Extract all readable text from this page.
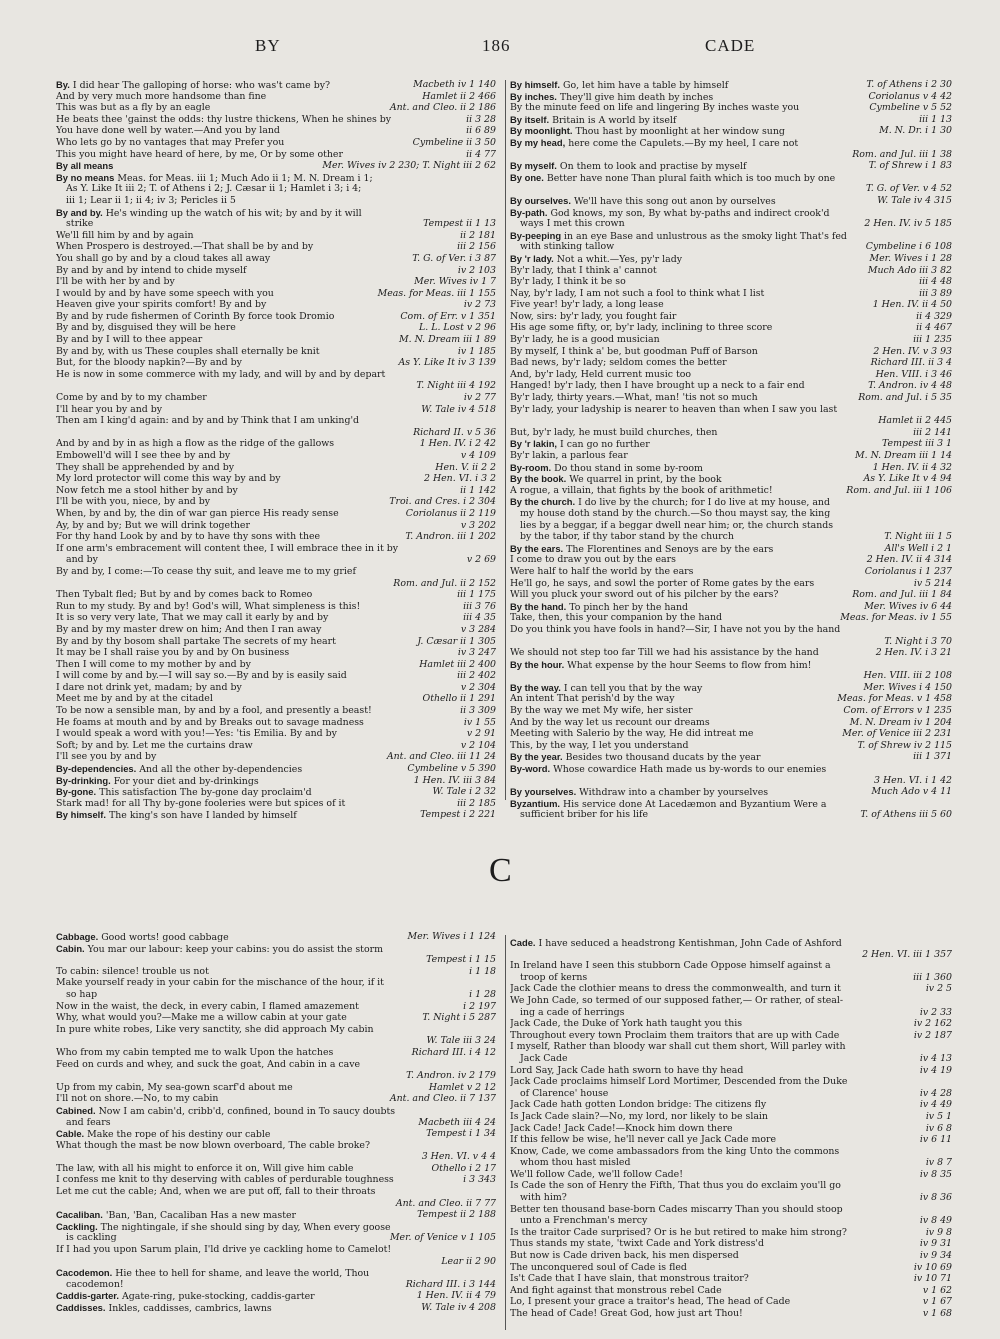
BY	186	CADE
By. I did hear The galloping of horse: who was't came by?	Macbeth iv 1 140
And by very much more handsome than fine	Hamlet ii 2 466
This was but as a fly by an eagle	Ant. and Cleo. ii 2 186
He beats thee 'gainst the odds: thy lustre thickens, When he shines by	ii 3 28
You have done well by water.—And you by land	ii 6 89
Who lets go by no vantages that may Prefer you	Cymbeline ii 3 50
This you might have heard of here, by me, Or by some other	ii 4 77
By all means	Mer. Wives iv 2 230; T. Night iii 2 62
By no means Meas. for Meas. iii 1; Much Ado ii 1; M. N. Dream i 1;
As Y. Like It iii 2; T. of Athens i 2; J. Cæsar ii 1; Hamlet i 3; i 4;
iii 1; Lear ii 1; ii 4; iv 3; Pericles ii 5
By and by. He's winding up the watch of his wit; by and by it will
strike	Tempest ii 1 13
We'll fill him by and by again	ii 2 181
When Prospero is destroyed.—That shall be by and by	iii 2 156
You shall go by and by a cloud takes all away	T. G. of Ver. i 3 87
By and by and by intend to chide myself	iv 2 103
I'll be with her by and by	Mer. Wives iv 1 7
I would by and by have some speech with you	Meas. for Meas. iii 1 155
Heaven give your spirits comfort! By and by	iv 2 73
By and by rude fishermen of Corinth By force took Dromio	Com. of Err. v 1 351
By and by, disguised they will be here	L. L. Lost v 2 96
By and by I will to thee appear	M. N. Dream iii 1 89
By and by, with us These couples shall eternally be knit	iv 1 185
But, for the bloody napkin?—By and by	As Y. Like It iv 3 139
He is now in some commerce with my lady, and will by and by depart
T. Night iii 4 192
Come by and by to my chamber	iv 2 77
I'll hear you by and by	W. Tale iv 4 518
Then am I king'd again: and by and by Think that I am unking'd
Richard II. v 5 36
And by and by in as high a flow as the ridge of the gallows	1 Hen. IV. i 2 42
Embowell'd will I see thee by and by	v 4 109
They shall be apprehended by and by	Hen. V. ii 2 2
My lord protector will come this way by and by	2 Hen. VI. i 3 2
Now fetch me a stool hither by and by	ii 1 142
I'll be with you, niece, by and by	Troi. and Cres. i 2 304
When, by and by, the din of war gan pierce His ready sense	Coriolanus ii 2 119
Ay, by and by; But we will drink together	v 3 202
For thy hand Look by and by to have thy sons with thee	T. Andron. iii 1 202
If one arm's embracement will content thee, I will embrace thee in it by
and by	v 2 69
By and by, I come:—To cease thy suit, and leave me to my grief
Rom. and Jul. ii 2 152
Then Tybalt fled; But by and by comes back to Romeo	iii 1 175
Run to my study. By and by! God's will, What simpleness is this!	iii 3 76
It is so very very late, That we may call it early by and by	iii 4 35
By and by my master drew on him; And then I ran away	v 3 284
By and by thy bosom shall partake The secrets of my heart	J. Cæsar ii 1 305
It may be I shall raise you by and by On business	iv 3 247
Then I will come to my mother by and by	Hamlet iii 2 400
I will come by and by.—I will say so.—By and by is easily said	iii 2 402
I dare not drink yet, madam; by and by	v 2 304
Meet me by and by at the citadel	Othello ii 1 291
To be now a sensible man, by and by a fool, and presently a beast!	ii 3 309
He foams at mouth and by and by Breaks out to savage madness	iv 1 55
I would speak a word with you!—Yes: 'tis Emilia. By and by	v 2 91
Soft; by and by. Let me the curtains draw	v 2 104
I'll see you by and by	Ant. and Cleo. iii 11 24
By-dependencies. And all the other by-dependencies	Cymbeline v 5 390
By-drinking. For your diet and by-drinkings	1 Hen. IV. iii 3 84
By-gone. This satisfaction The by-gone day proclaim'd	W. Tale i 2 32
Stark mad! for all Thy by-gone fooleries were but spices of it	iii 2 185
By himself. The king's son have I landed by himself	Tempest i 2 221
By himself. Go, let him have a table by himself	T. of Athens i 2 30
By inches. They'll give him death by inches	Coriolanus v 4 42
By the minute feed on life and lingering By inches waste you	Cymbeline v 5 52
By itself. Britain is A world by itself	iii 1 13
By moonlight. Thou hast by moonlight at her window sung	M. N. Dr. i 1 30
By my head, here come the Capulets.—By my heel, I care not
Rom. and Jul. iii 1 38
By myself. On them to look and practise by myself	T. of Shrew i 1 83
By one. Better have none Than plural faith which is too much by one
T. G. of Ver. v 4 52
By ourselves. We'll have this song out anon by ourselves	W. Tale iv 4 315
By-path. God knows, my son, By what by-paths and indirect crook'd
ways I met this crown	2 Hen. IV. iv 5 185
By-peeping in an eye Base and unlustrous as the smoky light That's fed
with stinking tallow	Cymbeline i 6 108
By 'r lady. Not a whit.—Yes, py'r lady	Mer. Wives i 1 28
By'r lady, that I think a' cannot	Much Ado iii 3 82
By'r lady, I think it be so	iii 4 48
Nay, by'r lady, I am not such a fool to think what I list	iii 3 89
Five year! by'r lady, a long lease	1 Hen. IV. ii 4 50
Now, sirs: by'r lady, you fought fair	ii 4 329
His age some fifty, or, by'r lady, inclining to three score	ii 4 467
By'r lady, he is a good musician	iii 1 235
By myself, I think a' be, but goodman Puff of Barson	2 Hen. IV. v 3 93
Bad news, by'r lady; seldom comes the better	Richard III. ii 3 4
And, by'r lady, Held current music too	Hen. VIII. i 3 46
Hanged! by'r lady, then I have brought up a neck to a fair end	T. Andron. iv 4 48
By'r lady, thirty years.—What, man! 'tis not so much	Rom. and Jul. i 5 35
By'r lady, your ladyship is nearer to heaven than when I saw you last
Hamlet ii 2 445
But, by'r lady, he must build churches, then	iii 2 141
By 'r lakin, I can go no further	Tempest iii 3 1
By'r lakin, a parlous fear	M. N. Dream iii 1 14
By-room. Do thou stand in some by-room	1 Hen. IV. ii 4 32
By the book. We quarrel in print, by the book	As Y. Like It v 4 94
A rogue, a villain, that fights by the book of arithmetic!	Rom. and Jul. iii 1 106
By the church. I do live by the church; for I do live at my house, and
my house doth stand by the church.—So thou mayst say, the king
lies by a beggar, if a beggar dwell near him; or, the church stands
by the tabor, if thy tabor stand by the church	T. Night iii 1 5
By the ears. The Florentines and Senoys are by the ears	All's Well i 2 1
I come to draw you out by the ears	2 Hen. IV. ii 4 314
Were half to half the world by the ears	Coriolanus i 1 237
He'll go, he says, and sowl the porter of Rome gates by the ears	iv 5 214
Will you pluck your sword out of his pilcher by the ears?	Rom. and Jul. iii 1 84
By the hand. To pinch her by the hand	Mer. Wives iv 6 44
Take, then, this your companion by the hand	Meas. for Meas. iv 1 55
Do you think you have fools in hand?—Sir, I have not you by the hand
T. Night i 3 70
We should not step too far Till we had his assistance by the hand	2 Hen. IV. i 3 21
By the hour. What expense by the hour Seems to flow from him!
Hen. VIII. iii 2 108
By the way. I can tell you that by the way	Mer. Wives i 4 150
An intent That perish'd by the way	Meas. for Meas. v 1 458
By the way we met My wife, her sister	Com. of Errors v 1 235
And by the way let us recount our dreams	M. N. Dream iv 1 204
Meeting with Salerio by the way, He did intreat me	Mer. of Venice iii 2 231
This, by the way, I let you understand	T. of Shrew iv 2 115
By the year. Besides two thousand ducats by the year	iii 1 371
By-word. Whose cowardice Hath made us by-words to our enemies
3 Hen. VI. i 1 42
By yourselves. Withdraw into a chamber by yourselves	Much Ado v 4 11
Byzantium. His service done At Lacedæmon and Byzantium Were a
sufficient briber for his life	T. of Athens iii 5 60
C
Cabbage. Good worts! good cabbage	Mer. Wives i 1 124
Cabin. You mar our labour: keep your cabins: you do assist the storm
Tempest i 1 15
To cabin: silence! trouble us not	i 1 18
Make yourself ready in your cabin for the mischance of the hour, if it
so hap	i 1 28
Now in the waist, the deck, in every cabin, I flamed amazement	i 2 197
Why, what would you?—Make me a willow cabin at your gate	T. Night i 5 287
In pure white robes, Like very sanctity, she did approach My cabin
W. Tale iii 3 24
Who from my cabin tempted me to walk Upon the hatches	Richard III. i 4 12
Feed on curds and whey, and suck the goat, And cabin in a cave
T. Andron. iv 2 179
Up from my cabin, My sea-gown scarf'd about me	Hamlet v 2 12
I'll not on shore.—No, to my cabin	Ant. and Cleo. ii 7 137
Cabined. Now I am cabin'd, cribb'd, confined, bound in To saucy doubts
and fears	Macbeth iii 4 24
Cable. Make the rope of his destiny our cable	Tempest i 1 34
What though the mast be now blown overboard, The cable broke?
3 Hen. VI. v 4 4
The law, with all his might to enforce it on, Will give him cable	Othello i 2 17
I confess me knit to thy deserving with cables of perdurable toughness	i 3 343
Let me cut the cable; And, when we are put off, fall to their throats
Ant. and Cleo. ii 7 77
Cacaliban. 'Ban, 'Ban, Cacaliban Has a new master	Tempest ii 2 188
Cackling. The nightingale, if she should sing by day, When every goose
is cackling	Mer. of Venice v 1 105
If I had you upon Sarum plain, I'ld drive ye cackling home to Camelot!
Lear ii 2 90
Cacodemon. Hie thee to hell for shame, and leave the world, Thou
cacodemon!	Richard III. i 3 144
Caddis-garter. Agate-ring, puke-stocking, caddis-garter	1 Hen. IV. ii 4 79
Caddisses. Inkles, caddisses, cambrics, lawns	W. Tale iv 4 208
Cade. I have seduced a headstrong Kentishman, John Cade of Ashford
2 Hen. VI. iii 1 357
In Ireland have I seen this stubborn Cade Oppose himself against a
troop of kerns	iii 1 360
Jack Cade the clothier means to dress the commonwealth, and turn it	iv 2 5
We John Cade, so termed of our supposed father,— Or rather, of steal-
ing a cade of herrings	iv 2 33
Jack Cade, the Duke of York hath taught you this	iv 2 162
Throughout every town Proclaim them traitors that are up with Cade	iv 2 187
I myself, Rather than bloody war shall cut them short, Will parley with
Jack Cade	iv 4 13
Lord Say, Jack Cade hath sworn to have thy head	iv 4 19
Jack Cade proclaims himself Lord Mortimer, Descended from the Duke
of Clarence' house	iv 4 28
Jack Cade hath gotten London bridge: The citizens fly	iv 4 49
Is Jack Cade slain?—No, my lord, nor likely to be slain	iv 5 1
Jack Cade! Jack Cade!—Knock him down there	iv 6 8
If this fellow be wise, he'll never call ye Jack Cade more	iv 6 11
Know, Cade, we come ambassadors from the king Unto the commons
whom thou hast misled	iv 8 7
We'll follow Cade, we'll follow Cade!	iv 8 35
Is Cade the son of Henry the Fifth, That thus you do exclaim you'll go
with him?	iv 8 36
Better ten thousand base-born Cades miscarry Than you should stoop
unto a Frenchman's mercy	iv 8 49
Is the traitor Cade surprised? Or is he but retired to make him strong?	iv 9 8
Thus stands my state, 'twixt Cade and York distress'd	iv 9 31
But now is Cade driven back, his men dispersed	iv 9 34
The unconquered soul of Cade is fled	iv 10 69
Is't Cade that I have slain, that monstrous traitor?	iv 10 71
And fight against that monstrous rebel Cade	v 1 62
Lo, I present your grace a traitor's head, The head of Cade	v 1 67
The head of Cade! Great God, how just art Thou!	v 1 68
